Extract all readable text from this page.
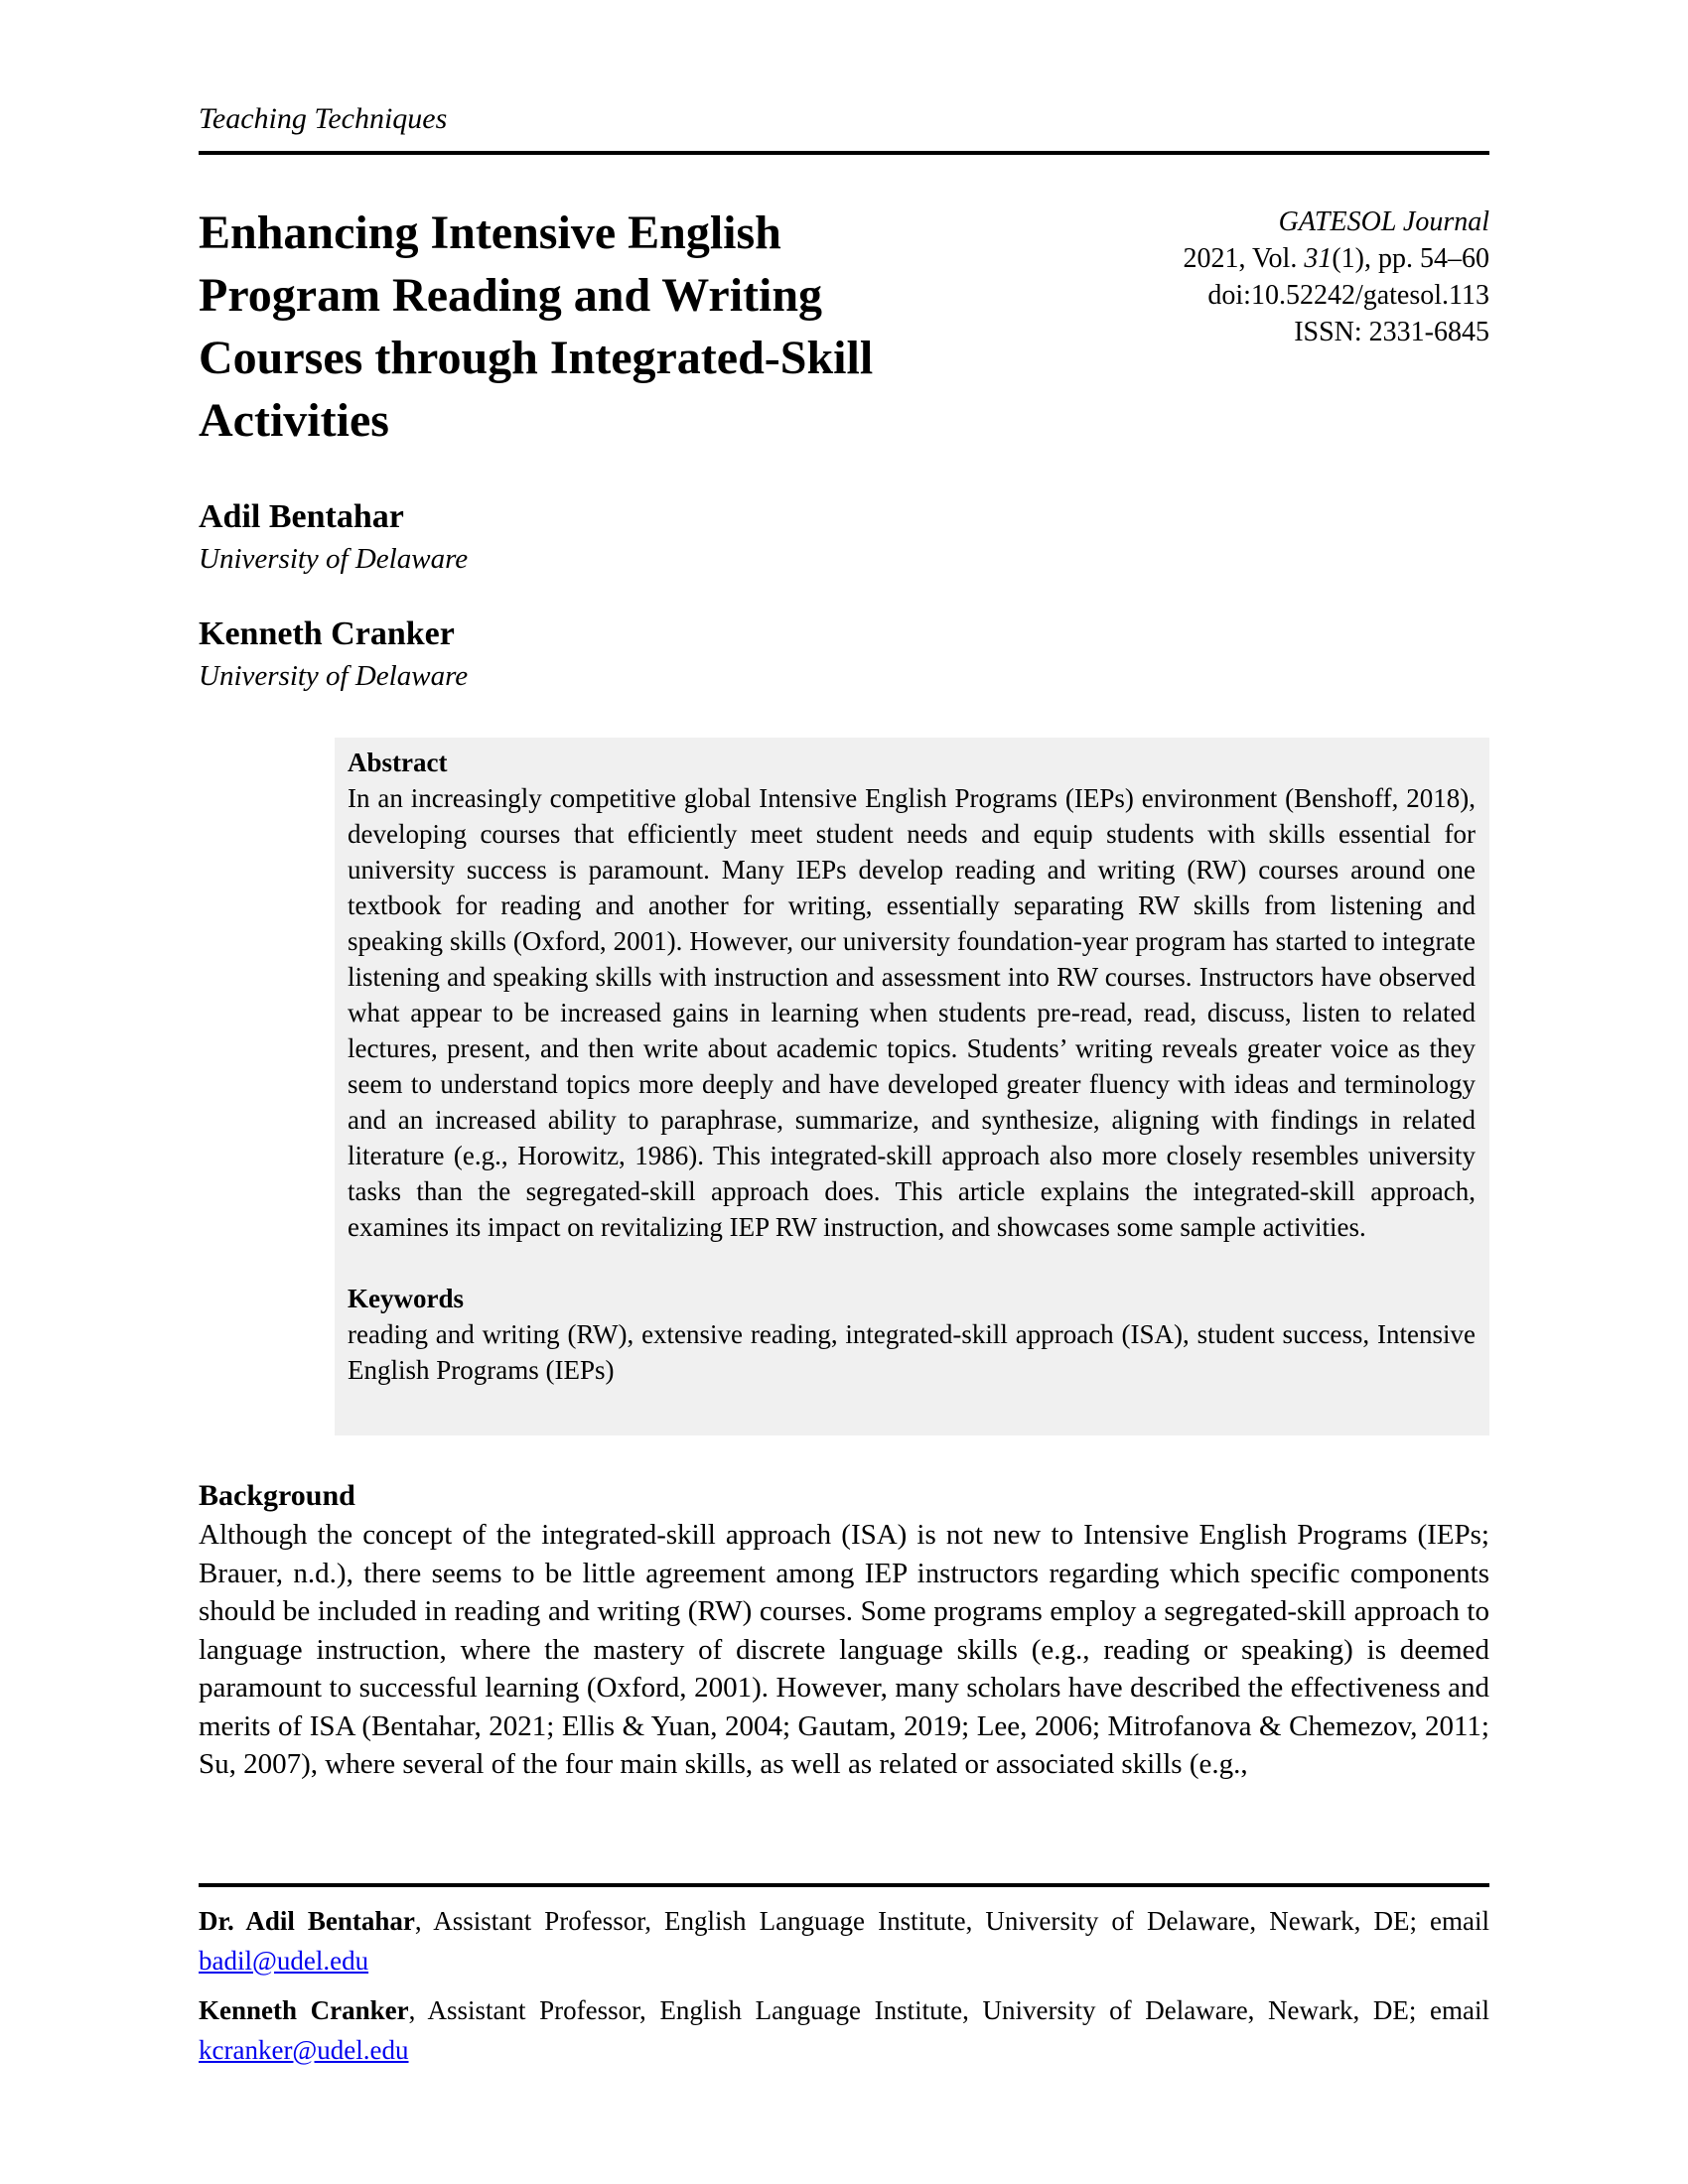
Teaching Techniques
Enhancing Intensive English
Program Reading and Writing
Courses through Integrated-Skill
Activities
GATESOL Journal
2021, Vol. 31(1), pp. 54–60
doi:10.52242/gatesol.113
ISSN: 2331-6845
Adil Bentahar
University of Delaware
Kenneth Cranker
University of Delaware
Abstract
In an increasingly competitive global Intensive English Programs (IEPs) environment (Benshoff, 2018), developing courses that efficiently meet student needs and equip students with skills essential for university success is paramount. Many IEPs develop reading and writing (RW) courses around one textbook for reading and another for writing, essentially separating RW skills from listening and speaking skills (Oxford, 2001). However, our university foundation-year program has started to integrate listening and speaking skills with instruction and assessment into RW courses. Instructors have observed what appear to be increased gains in learning when students pre-read, read, discuss, listen to related lectures, present, and then write about academic topics. Students’ writing reveals greater voice as they seem to understand topics more deeply and have developed greater fluency with ideas and terminology and an increased ability to paraphrase, summarize, and synthesize, aligning with findings in related literature (e.g., Horowitz, 1986). This integrated-skill approach also more closely resembles university tasks than the segregated-skill approach does. This article explains the integrated-skill approach, examines its impact on revitalizing IEP RW instruction, and showcases some sample activities.
Keywords
reading and writing (RW), extensive reading, integrated-skill approach (ISA), student success, Intensive English Programs (IEPs)
Background
Although the concept of the integrated-skill approach (ISA) is not new to Intensive English Programs (IEPs; Brauer, n.d.), there seems to be little agreement among IEP instructors regarding which specific components should be included in reading and writing (RW) courses. Some programs employ a segregated-skill approach to language instruction, where the mastery of discrete language skills (e.g., reading or speaking) is deemed paramount to successful learning (Oxford, 2001). However, many scholars have described the effectiveness and merits of ISA (Bentahar, 2021; Ellis & Yuan, 2004; Gautam, 2019; Lee, 2006; Mitrofanova & Chemezov, 2011; Su, 2007), where several of the four main skills, as well as related or associated skills (e.g.,
Dr. Adil Bentahar, Assistant Professor, English Language Institute, University of Delaware, Newark, DE; email badil@udel.edu
Kenneth Cranker, Assistant Professor, English Language Institute, University of Delaware, Newark, DE; email kcranker@udel.edu
